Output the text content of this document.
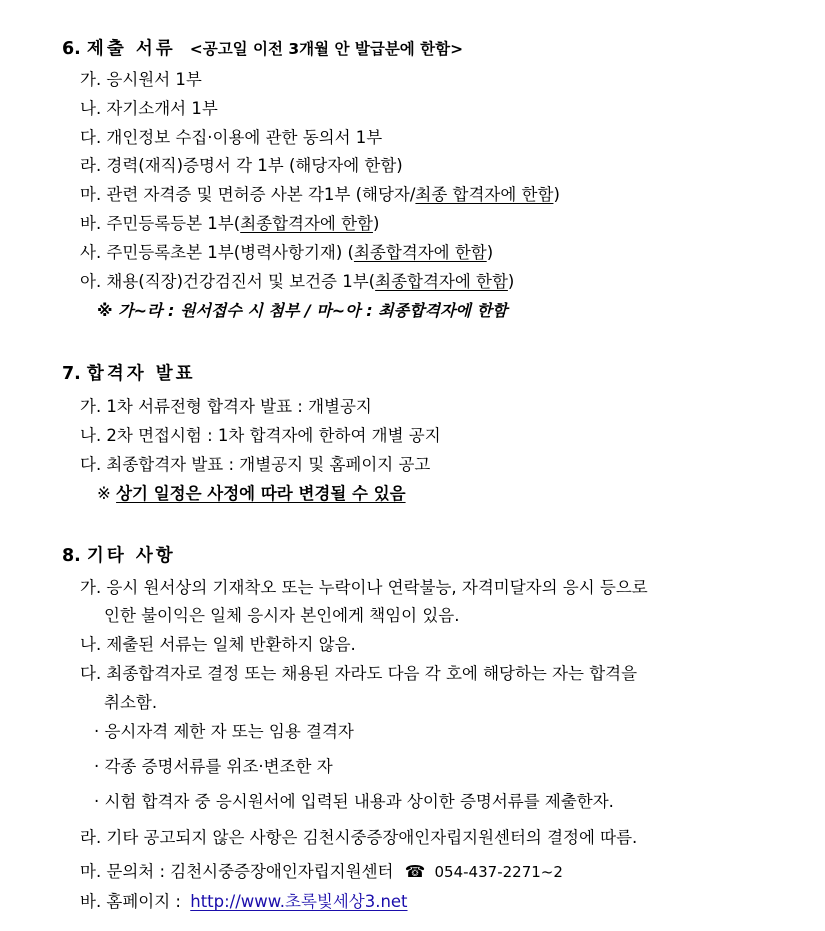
6. 제출 서류 <공고일 이전 3개월 안 발급분에 한함>
가. 응시원서 1부
나. 자기소개서 1부
다. 개인정보 수집·이용에 관한 동의서 1부
라. 경력(재직)증명서 각 1부 (해당자에 한함)
마. 관련 자격증 및 면허증 사본 각1부 (해당자/최종 합격자에 한함)
바. 주민등록등본 1부(최종합격자에 한함)
사. 주민등록초본 1부(병력사항기재) (최종합격자에 한함)
아. 채용(직장)건강검진서 및 보건증 1부(최종합격자에 한함)
※ 가~라 : 원서접수 시 첨부 / 마~아 : 최종합격자에 한함
7. 합격자 발표
가. 1차 서류전형 합격자 발표 : 개별공지
나. 2차 면접시험 : 1차 합격자에 한하여 개별 공지
다. 최종합격자 발표 : 개별공지 및 홈페이지 공고
※ 상기 일정은 사정에 따라 변경될 수 있음
8. 기타 사항
가. 응시 원서상의 기재착오 또는 누락이나 연락불능, 자격미달자의 응시 등으로
인한 불이익은 일체 응시자 본인에게 책임이 있음.
나. 제출된 서류는 일체 반환하지 않음.
다. 최종합격자로 결정 또는 채용된 자라도 다음 각 호에 해당하는 자는 합격을
취소함.
· 응시자격 제한 자 또는 임용 결격자
· 각종 증명서류를 위조·변조한 자
· 시험 합격자 중 응시원서에 입력된 내용과 상이한 증명서류를 제출한자.
라. 기타 공고되지 않은 사항은 김천시중증장애인자립지원센터의 결정에 따름.
마. 문의처 : 김천시중증장애인자립지원센터 ☎ 054-437-2271~2
바. 홈페이지 : http://www.초록빛세상3.net
